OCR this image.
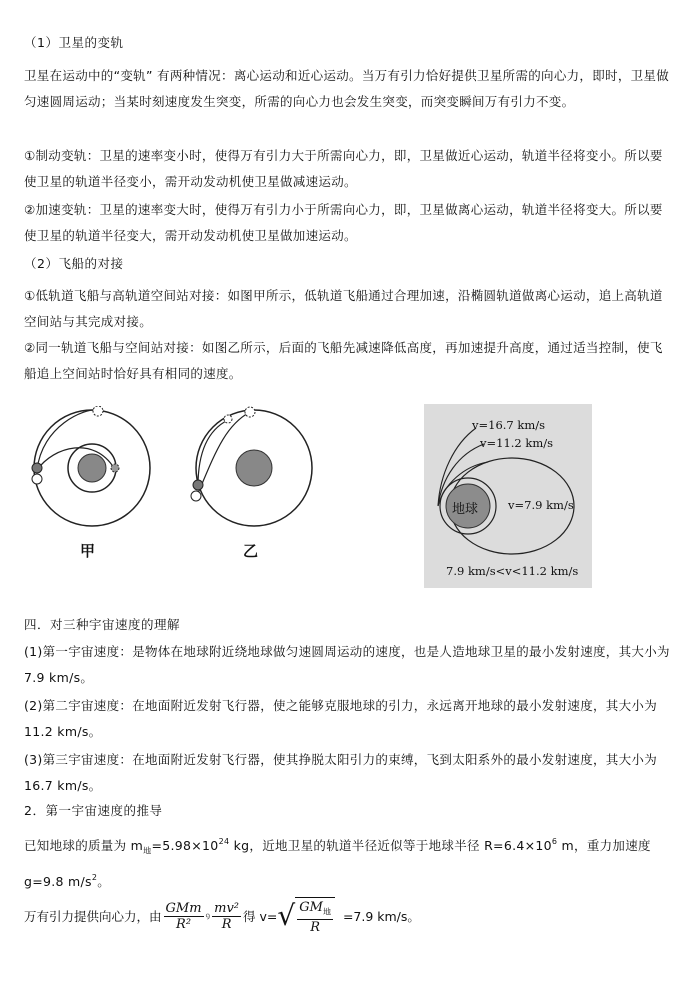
（1）卫星的变轨

卫星在运动中的“变轨” 有两种情况：离心运动和近心运动。当万有引力恰好提供卫星所需的向心力，即时，卫星做匀速圆周运动；当某时刻速度发生突变，所需的向心力也会发生突变，而突变瞬间万有引力不变。

①制动变轨：卫星的速率变小时，使得万有引力大于所需向心力，即，卫星做近心运动，轨道半径将变小。所以要使卫星的轨道半径变小，需开动发动机使卫星做减速运动。

②加速变轨：卫星的速率变大时，使得万有引力小于所需向心力，即，卫星做离心运动，轨道半径将变大。所以要使卫星的轨道半径变大，需开动发动机使卫星做加速运动。

（2）飞船的对接

①低轨道飞船与高轨道空间站对接：如图甲所示，低轨道飞船通过合理加速，沿椭圆轨道做离心运动，追上高轨道空间站与其完成对接。

②同一轨道飞船与空间站对接：如图乙所示，后面的飞船先减速降低高度，再加速提升高度，通过适当控制，使飞船追上空间站时恰好具有相同的速度。

甲	乙
v=16.7 km/s
v=11.2 km/s
地球	v=7.9 km/s
7.9 km/s<v<11.2 km/s

四．对三种宇宙速度的理解

(1)第一宇宙速度：是物体在地球附近绕地球做匀速圆周运动的速度，也是人造地球卫星的最小发射速度，其大小为 7.9 km/s。

(2)第二宇宙速度：在地面附近发射飞行器，使之能够克服地球的引力，永远离开地球的最小发射速度，其大小为 11.2 km/s。

(3)第三宇宙速度：在地面附近发射飞行器，使其挣脱太阳引力的束缚，飞到太阳系外的最小发射速度，其大小为 16.7 km/s。

2．第一宇宙速度的推导

已知地球的质量为 $m_地=5.98\times 10^{24}$ kg，近地卫星的轨道半径近似等于地球半径 $R=6.4\times 10^6$ m，重力加速度 g=9.8 $m/s^2$。

万有引力提供向心力，由 $\frac{\text{GMm}}{\text{R²}}$ ꝰ $\frac{\text{mv²}}{R}$ 得 v= √ $\frac{GM_地}{R} =7.9$ km/s。
